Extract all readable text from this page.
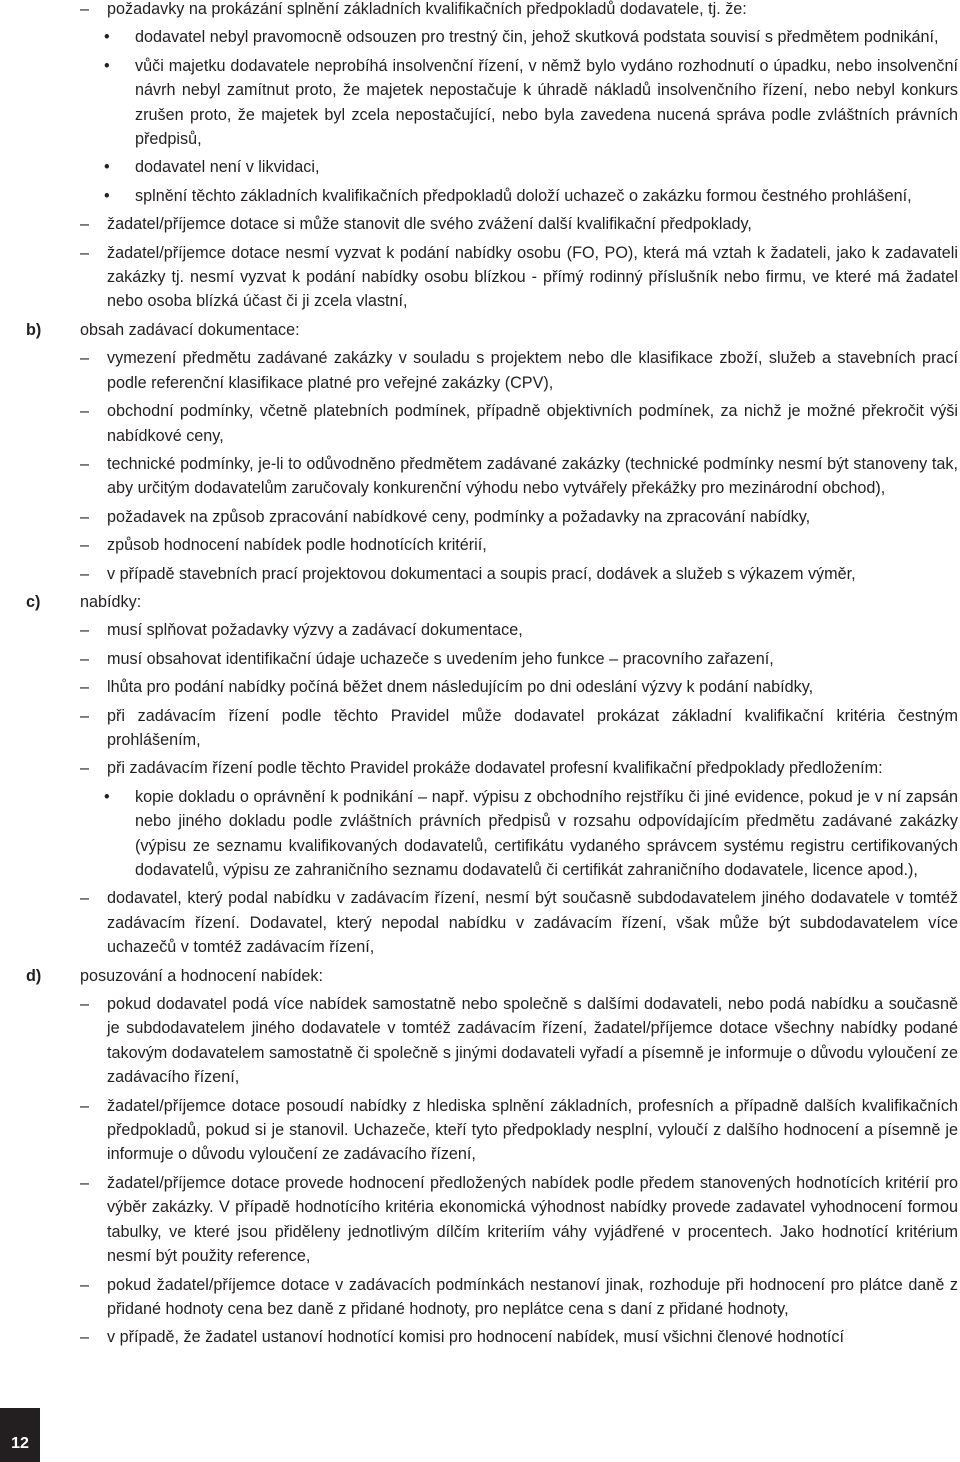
– požadavky na prokázání splnění základních kvalifikačních předpokladů dodavatele, tj. že:
• dodavatel nebyl pravomocně odsouzen pro trestný čin, jehož skutková podstata souvisí s předmětem podnikání,
• vůči majetku dodavatele neprobíhá insolvenční řízení, v němž bylo vydáno rozhodnutí o úpadku, nebo insolvenční návrh nebyl zamítnut proto, že majetek nepostačuje k úhradě nákladů insolvenčního řízení, nebo nebyl konkurs zrušen proto, že majetek byl zcela nepostačující, nebo byla zavedena nucená správa podle zvláštních právních předpisů,
• dodavatel není v likvidaci,
• splnění těchto základních kvalifikačních předpokladů doloží uchazeč o zakázku formou čestného prohlášení,
– žadatel/příjemce dotace si může stanovit dle svého zvážení další kvalifikační předpoklady,
– žadatel/příjemce dotace nesmí vyzvat k podání nabídky osobu (FO, PO), která má vztah k žadateli, jako k zadavateli zakázky tj. nesmí vyzvat k podání nabídky osobu blízkou - přímý rodinný příslušník nebo firmu, ve které má žadatel nebo osoba blízká účast či ji zcela vlastní,
b) obsah zadávací dokumentace:
– vymezení předmětu zadávané zakázky v souladu s projektem nebo dle klasifikace zboží, služeb a stavebních prací podle referenční klasifikace platné pro veřejné zakázky (CPV),
– obchodní podmínky, včetně platebních podmínek, případně objektivních podmínek, za nichž je možné překročit výši nabídkové ceny,
– technické podmínky, je-li to odůvodněno předmětem zadávané zakázky (technické podmínky nesmí být stanoveny tak, aby určitým dodavatelům zaručovaly konkurenční výhodu nebo vytvářely překážky pro mezinárodní obchod),
– požadavek na způsob zpracování nabídkové ceny, podmínky a požadavky na zpracování nabídky,
– způsob hodnocení nabídek podle hodnotících kritérií,
– v případě stavebních prací projektovou dokumentaci a soupis prací, dodávek a služeb s výkazem výměr,
c) nabídky:
– musí splňovat požadavky výzvy a zadávací dokumentace,
– musí obsahovat identifikační údaje uchazeče s uvedením jeho funkce – pracovního zařazení,
– lhůta pro podání nabídky počíná běžet dnem následujícím po dni odeslání výzvy k podání nabídky,
– při zadávacím řízení podle těchto Pravidel může dodavatel prokázat základní kvalifikační kritéria čestným prohlášením,
– při zadávacím řízení podle těchto Pravidel prokáže dodavatel profesní kvalifikační předpoklady předložením:
• kopie dokladu o oprávnění k podnikání – např. výpisu z obchodního rejstříku či jiné evidence, pokud je v ní zapsán nebo jiného dokladu podle zvláštních právních předpisů v rozsahu odpovídajícím předmětu zadávané zakázky (výpisu ze seznamu kvalifikovaných dodavatelů, certifikátu vydaného správcem systému registru certifikovaných dodavatelů, výpisu ze zahraničního seznamu dodavatelů či certifikát zahraničního dodavatele, licence apod.),
– dodavatel, který podal nabídku v zadávacím řízení, nesmí být současně subdodavatelem jiného dodavatele v tomtéž zadávacím řízení. Dodavatel, který nepodal nabídku v zadávacím řízení, však může být subdodavatelem více uchazečů v tomtéž zadávacím řízení,
d) posuzování a hodnocení nabídek:
– pokud dodavatel podá více nabídek samostatně nebo společně s dalšími dodavateli, nebo podá nabídku a současně je subdodavatelem jiného dodavatele v tomtéž zadávacím řízení, žadatel/příjemce dotace všechny nabídky podané takovým dodavatelem samostatně či společně s jinými dodavateli vyřadí a písemně je informuje o důvodu vyloučení ze zadávacího řízení,
– žadatel/příjemce dotace posoudí nabídky z hlediska splnění základních, profesních a případně dalších kvalifikačních předpokladů, pokud si je stanovil. Uchazeče, kteří tyto předpoklady nesplní, vyloučí z dalšího hodnocení a písemně je informuje o důvodu vyloučení ze zadávacího řízení,
– žadatel/příjemce dotace provede hodnocení předložených nabídek podle předem stanovených hodnotících kritérií pro výběr zakázky. V případě hodnotícího kritéria ekonomická výhodnost nabídky provede zadavatel vyhodnocení formou tabulky, ve které jsou přiděleny jednotlivým dílčím kriteriím váhy vyjádřené v procentech. Jako hodnotící kritérium nesmí být použity reference,
– pokud žadatel/příjemce dotace v zadávacích podmínkách nestanoví jinak, rozhoduje při hodnocení pro plátce daně z přidané hodnoty cena bez daně z přidané hodnoty, pro neplátce cena s daní z přidané hodnoty,
– v případě, že žadatel ustanoví hodnotící komisi pro hodnocení nabídek, musí všichni členové hodnotící
12
